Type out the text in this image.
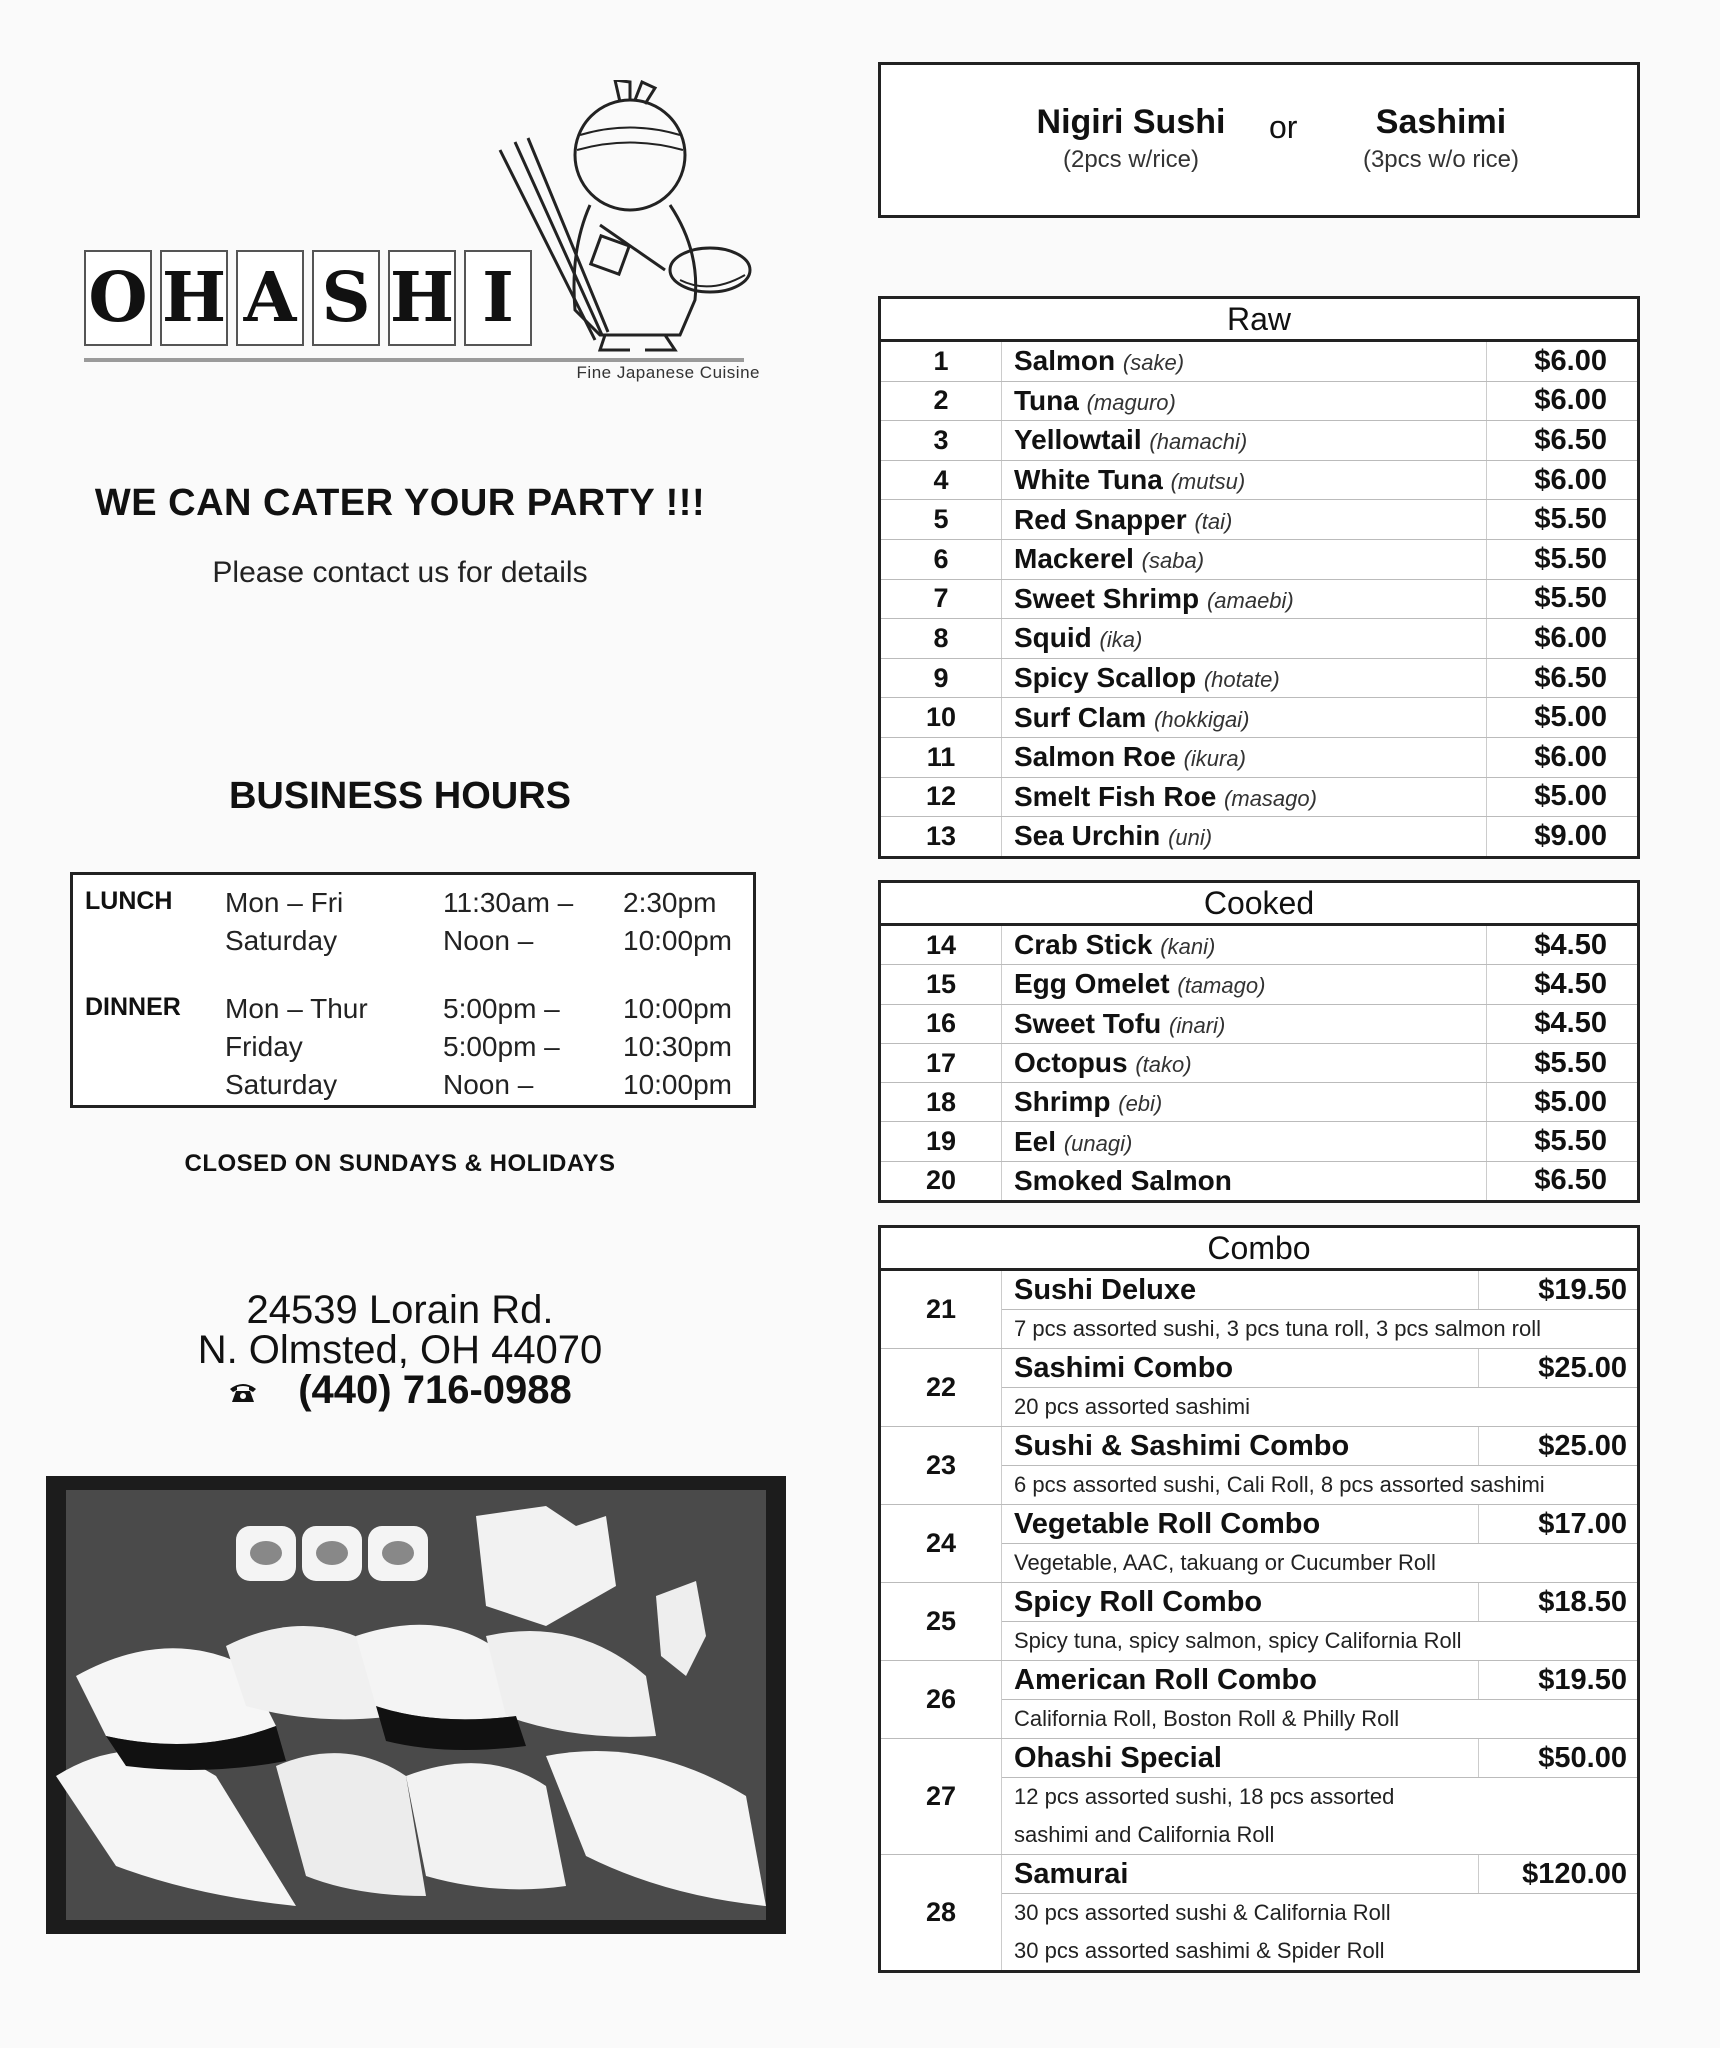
O H A S H I
Fine Japanese Cuisine
WE CAN CATER YOUR PARTY !!!
Please contact us for details
BUSINESS HOURS
LUNCH	Mon – Fri	11:30am –	2:30pm
Saturday	Noon –	10:00pm
DINNER	Mon – Thur	5:00pm –	10:00pm
Friday	5:00pm –	10:30pm
Saturday	Noon –	10:00pm
CLOSED ON SUNDAYS & HOLIDAYS
24539 Lorain Rd.
N. Olmsted, OH 44070
(440) 716-0988
Nigiri Sushi
(2pcs w/rice)
or	Sashimi
(3pcs w/o rice)
Raw		
1	Salmon (sake)	$6.00
2	Tuna (maguro)	$6.00
3	Yellowtail (hamachi)	$6.50
4	White Tuna (mutsu)	$6.00
5	Red Snapper (tai)	$5.50
6	Mackerel (saba)	$5.50
7	Sweet Shrimp (amaebi)	$5.50
8	Squid (ika)	$6.00
9	Spicy Scallop (hotate)	$6.50
10	Surf Clam (hokkigai)	$5.00
11	Salmon Roe (ikura)	$6.00
12	Smelt Fish Roe (masago)	$5.00
13	Sea Urchin (uni)	$9.00
Cooked		
14	Crab Stick (kani)	$4.50
15	Egg Omelet (tamago)	$4.50
16	Sweet Tofu (inari)	$4.50
17	Octopus (tako)	$5.50
18	Shrimp (ebi)	$5.00
19	Eel (unagi)	$5.50
20	Smoked Salmon	$6.50
Combo		
21	Sushi Deluxe	$19.50
	7 pcs assorted sushi, 3 pcs tuna roll, 3 pcs salmon roll	
22	Sashimi Combo	$25.00
	20 pcs assorted sashimi	
23	Sushi & Sashimi Combo	$25.00
	6 pcs assorted sushi, Cali Roll, 8 pcs assorted sashimi	
24	Vegetable Roll Combo	$17.00
	Vegetable, AAC, takuang or Cucumber Roll	
25	Spicy Roll Combo	$18.50
	Spicy tuna, spicy salmon, spicy California Roll	
26	American Roll Combo	$19.50
	California Roll, Boston Roll & Philly Roll	
27	Ohashi Special	$50.00
	12 pcs assorted sushi, 18 pcs assorted	
	sashimi and California Roll	
28	Samurai	$120.00
	30 pcs assorted sushi & California Roll	
	30 pcs assorted sashimi & Spider Roll	
